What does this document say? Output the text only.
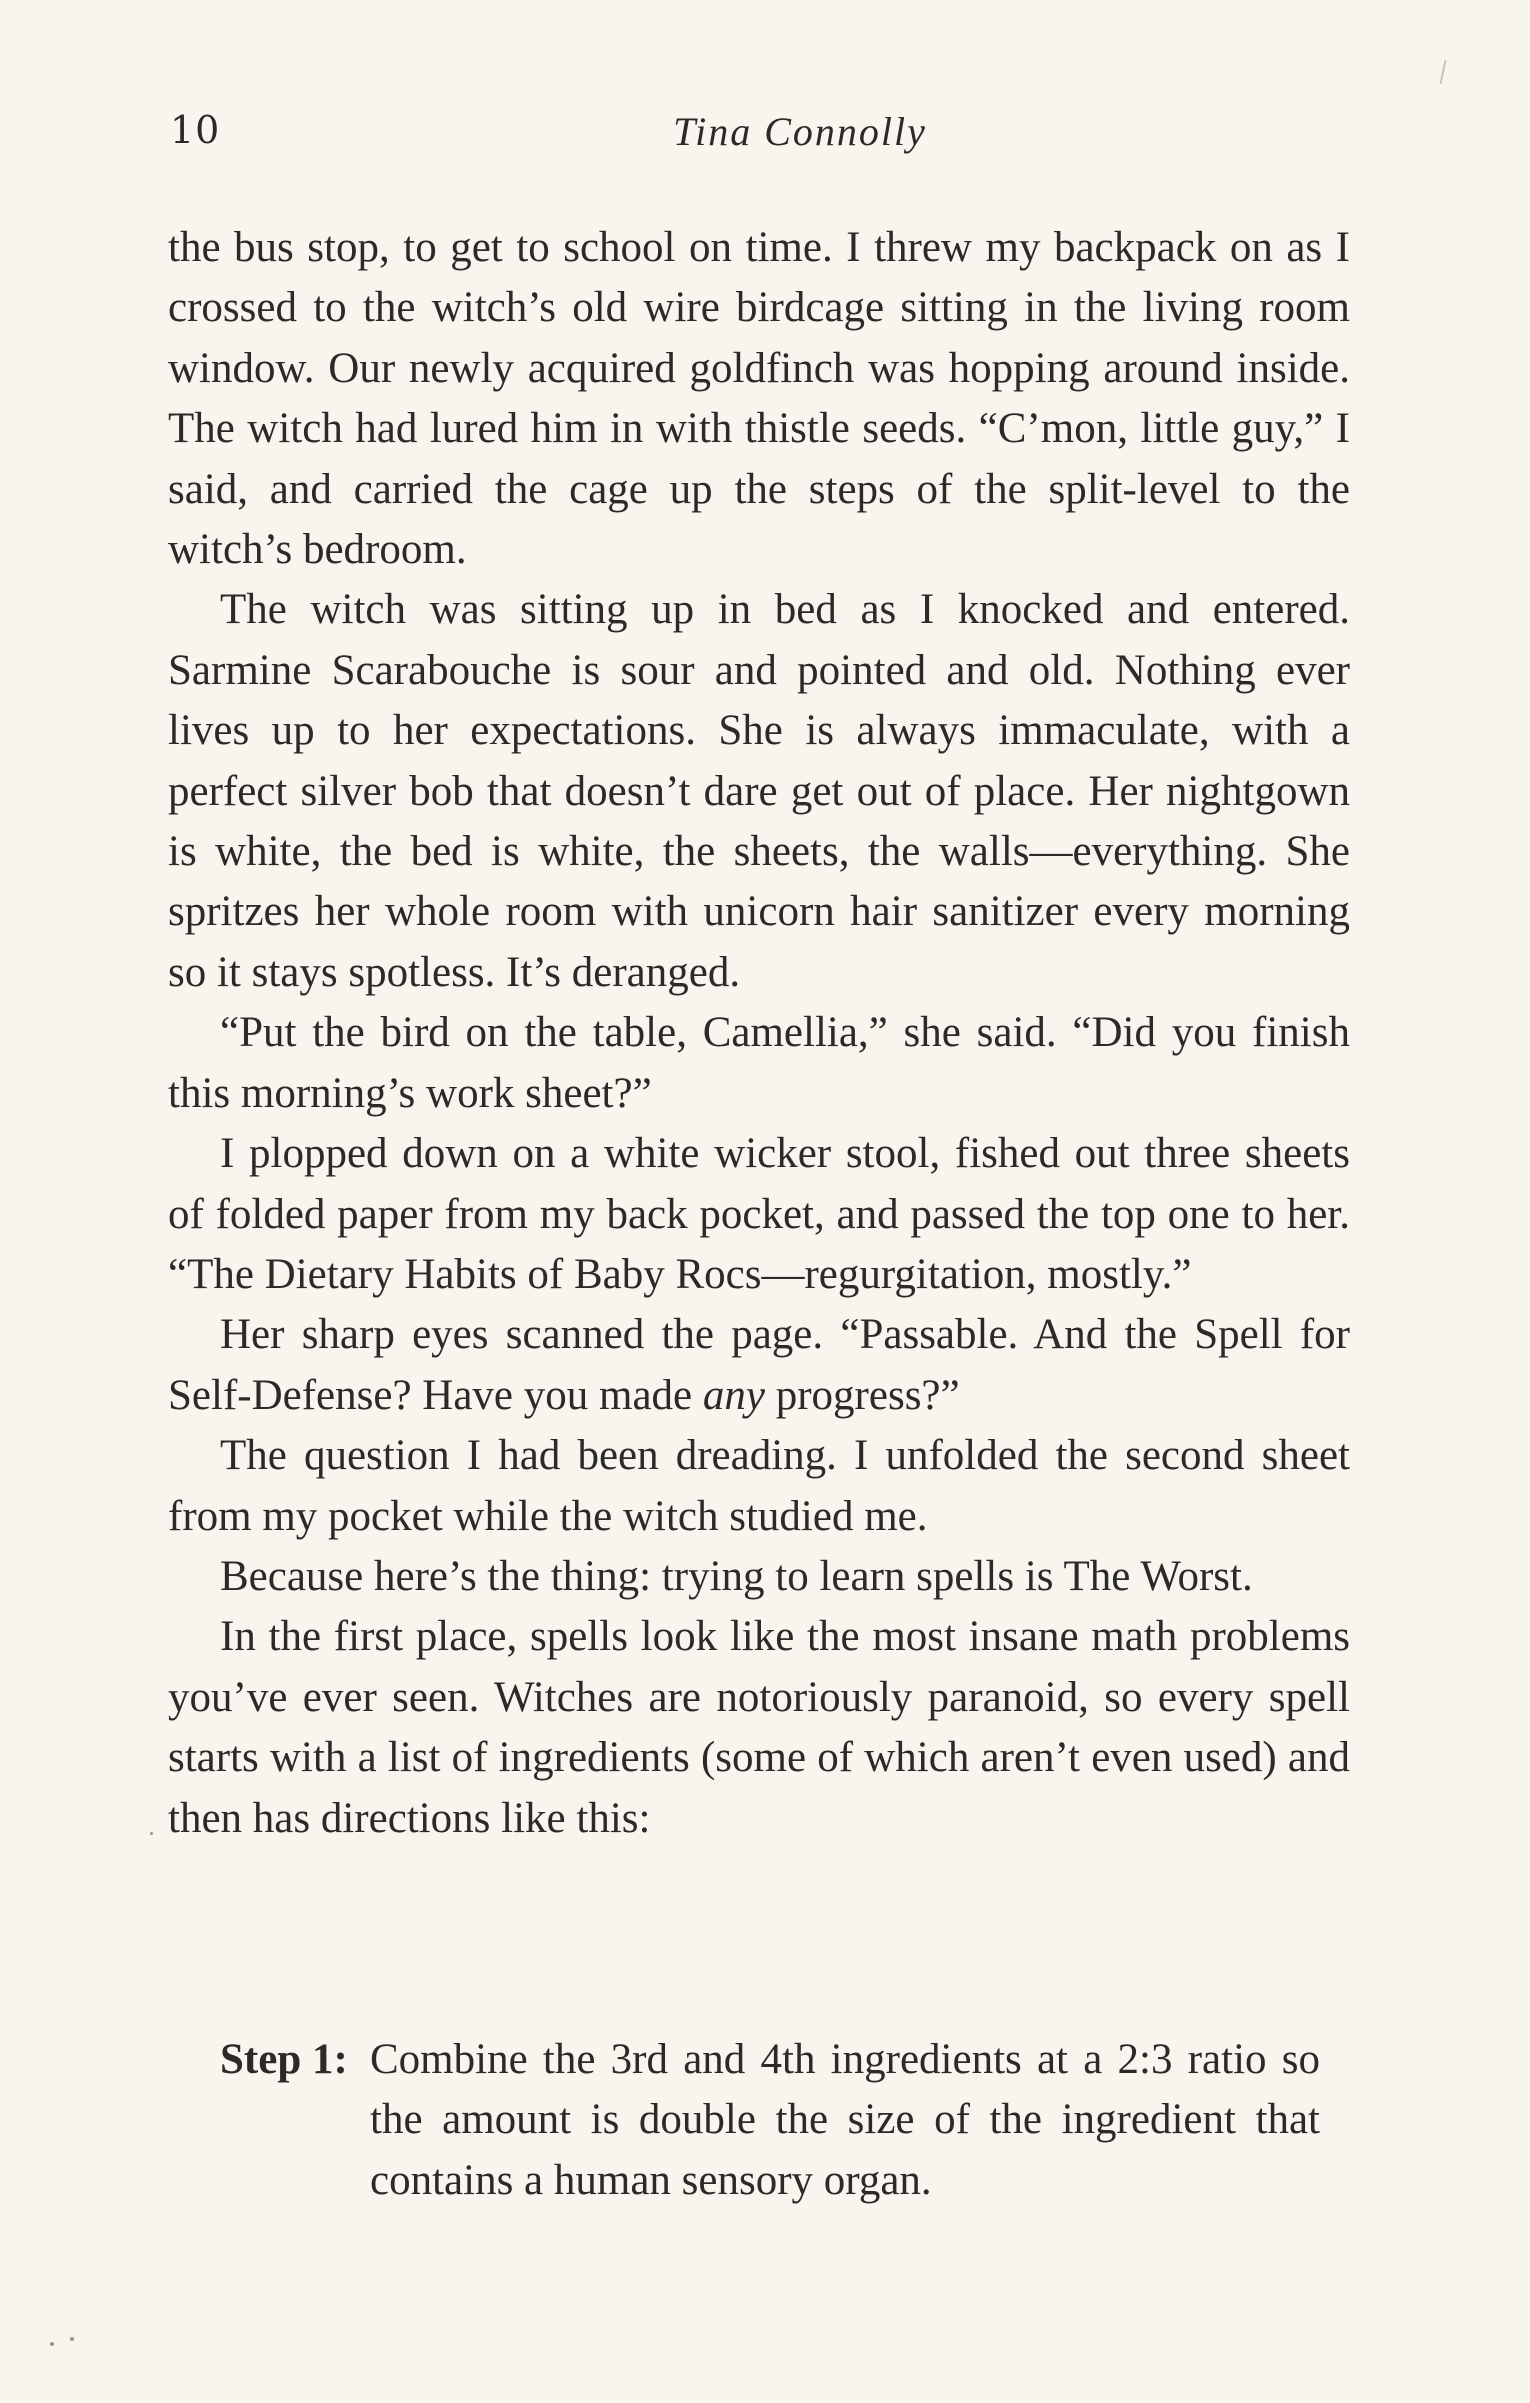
10	Tina Connolly

the bus stop, to get to school on time. I threw my backpack on as I crossed to the witch’s old wire birdcage sitting in the living room window. Our newly acquired goldfinch was hopping around inside. The witch had lured him in with thistle seeds. “C’mon, little guy,” I said, and carried the cage up the steps of the split-level to the witch’s bedroom.

The witch was sitting up in bed as I knocked and entered. Sarmine Scarabouche is sour and pointed and old. Nothing ever lives up to her expectations. She is always immaculate, with a perfect silver bob that doesn’t dare get out of place. Her nightgown is white, the bed is white, the sheets, the walls—everything. She spritzes her whole room with unicorn hair sanitizer every morning so it stays spotless. It’s deranged.

“Put the bird on the table, Camellia,” she said. “Did you finish this morning’s work sheet?”

I plopped down on a white wicker stool, fished out three sheets of folded paper from my back pocket, and passed the top one to her. “The Dietary Habits of Baby Rocs—regurgitation, mostly.”

Her sharp eyes scanned the page. “Passable. And the Spell for Self-Defense? Have you made any progress?”

The question I had been dreading. I unfolded the second sheet from my pocket while the witch studied me.

Because here’s the thing: trying to learn spells is The Worst.

In the first place, spells look like the most insane math problems you’ve ever seen. Witches are notoriously paranoid, so every spell starts with a list of ingredients (some of which aren’t even used) and then has directions like this:

Step 1: Combine the 3rd and 4th ingredients at a 2:3 ratio so the amount is double the size of the ingredient that contains a human sensory organ.
